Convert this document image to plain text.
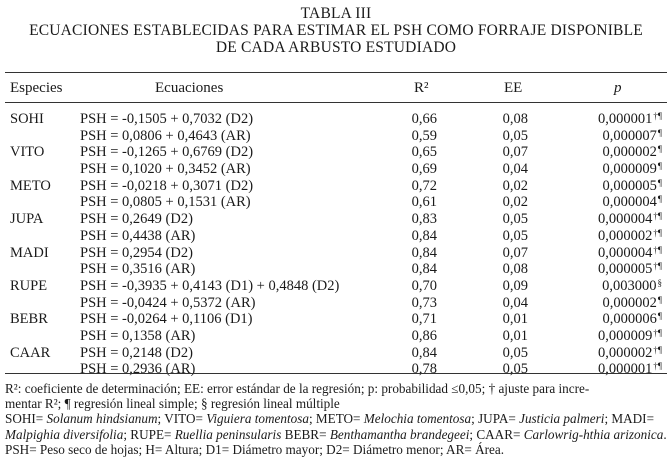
TABLA III
ECUACIONES ESTABLECIDAS PARA ESTIMAR EL PSH COMO FORRAJE DISPONIBLE
DE CADA ARBUSTO ESTUDIADO
Especies	Ecuaciones	R²	EE	p
SOHI PSH = -0,1505 + 0,7032 (D2)	0,66	0,08	0,000001†¶
PSH = 0,0806 + 0,4643 (AR)	0,59	0,05	0,000007¶
VITO PSH = -0,1265 + 0,6769 (D2)	0,65	0,07	0,000002¶
PSH = 0,1020 + 0,3452 (AR)	0,69	0,04	0,000009¶
METO PSH = -0,0218 + 0,3071 (D2)	0,72	0,02	0,000005¶
PSH = 0,0805 + 0,1531 (AR)	0,61	0,02	0,000004¶
JUPA	PSH = 0,2649 (D2)	0,83	0,05	0,000004†¶
PSH = 0,4438 (AR)	0,84	0,05	0,000002†¶
MADI PSH = 0,2954 (D2)	0,84	0,07	0,000004†¶
PSH = 0,3516 (AR)	0,84	0,08	0,000005†¶
RUPE PSH = -0,3935 + 0,4143 (D1) + 0,4848 (D2)	0,70	0,09	0,003000§
PSH = -0,0424 + 0,5372 (AR)	0,73	0,04	0,000002¶
BEBR PSH = -0,0264 + 0,1106 (D1)	0,71	0,01	0,000006¶
PSH = 0,1358 (AR)	0,86	0,01	0,000009†¶
CAAR PSH = 0,2148 (D2)	0,84	0,05	0,000002†¶
PSH = 0,2936 (AR)	0,78	0,05	0,000001†¶

R²: coeficiente de determinación; EE: error estándar de la regresión; p: probabilidad ≤0,05; † ajuste para incre-

mentar R²; ¶ regresión lineal simple; § regresión lineal múltiple

SOHI= Solanum hindsianum; VITO= Viguiera tomentosa; METO= Melochia tomentosa; JUPA= Justicia palmeri; MADI= Malpighia diversifolia; RUPE= Ruellia peninsularis BEBR= Benthamantha brandegeei; CAAR= Carlowrig-hthia arizonica. PSH= Peso seco de hojas; H= Altura; D1= Diámetro mayor; D2= Diámetro menor; AR= Área.
